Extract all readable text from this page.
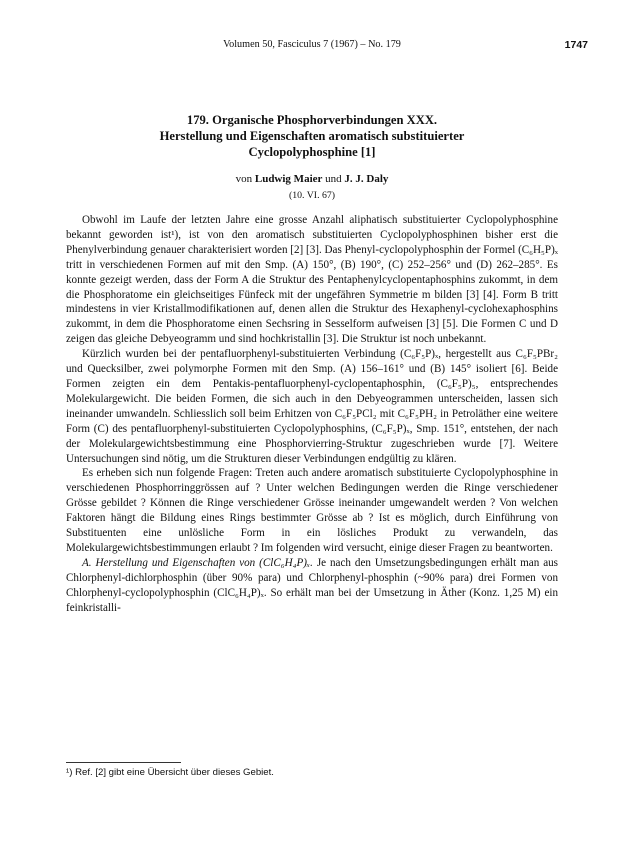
Volumen 50, Fasciculus 7 (1967) – No. 179	1747
179. Organische Phosphorverbindungen XXX.
Herstellung und Eigenschaften aromatisch substituierter
Cyclopolyphosphine [1]
von Ludwig Maier und J. J. Daly
(10. VI. 67)

Obwohl im Laufe der letzten Jahre eine grosse Anzahl aliphatisch substituierter Cyclopolyphosphine bekannt geworden ist¹), ist von den aromatisch substituierten Cyclopolyphosphinen bisher erst die Phenylverbindung genauer charakterisiert worden [2] [3]. Das Phenyl-cyclopolyphosphin der Formel (C₆H₅P)ₓ tritt in verschiedenen Formen auf mit den Smp. (A) 150°, (B) 190°, (C) 252–256° und (D) 262–285°. Es konnte gezeigt werden, dass der Form A die Struktur des Pentaphenylcyclopentaphosphins zukommt, in dem die Phosphoratome ein gleichseitiges Fünfeck mit der ungefähren Symmetrie m bilden [3] [4]. Form B tritt mindestens in vier Kristallmodifikationen auf, denen allen die Struktur des Hexaphenyl-cyclohexaphosphins zukommt, in dem die Phosphoratome einen Sechsring in Sesselform aufweisen [3] [5]. Die Formen C und D zeigen das gleiche Debyeogramm und sind hochkristallin [3]. Die Struktur ist noch unbekannt.

Kürzlich wurden bei der pentafluorphenyl-substituierten Verbindung (C₆F₅P)ₓ, hergestellt aus C₆F₅PBr₂ und Quecksilber, zwei polymorphe Formen mit den Smp. (A) 156–161° und (B) 145° isoliert [6]. Beide Formen zeigten ein dem Pentakis-pentafluorphenyl-cyclopentaphosphin, (C₆F₅P)₅, entsprechendes Molekulargewicht. Die beiden Formen, die sich auch in den Debyeogrammen unterscheiden, lassen sich ineinander umwandeln. Schliesslich soll beim Erhitzen von C₆F₅PCl₂ mit C₆F₅PH₂ in Petroläther eine weitere Form (C) des pentafluorphenyl-substituierten Cyclopolyphosphins, (C₆F₅P)ₓ, Smp. 151°, entstehen, der nach der Molekulargewichtsbestimmung eine Phosphorvierring-Struktur zugeschrieben wurde [7]. Weitere Untersuchungen sind nötig, um die Strukturen dieser Verbindungen endgültig zu klären.

Es erheben sich nun folgende Fragen: Treten auch andere aromatisch substituierte Cyclopolyphosphine in verschiedenen Phosphorringgrössen auf ? Unter welchen Bedingungen werden die Ringe verschiedener Grösse gebildet ? Können die Ringe verschiedener Grösse ineinander umgewandelt werden ? Von welchen Faktoren hängt die Bildung eines Rings bestimmter Grösse ab ? Ist es möglich, durch Einführung von Substituenten eine unlösliche Form in ein lösliches Produkt zu verwandeln, das Molekulargewichtsbestimmungen erlaubt ? Im folgenden wird versucht, einige dieser Fragen zu beantworten.

A. Herstellung und Eigenschaften von (ClC₆H₄P)ₓ. Je nach den Umsetzungsbedingungen erhält man aus Chlorphenyl-dichlorphosphin (über 90% para) und Chlorphenyl-phosphin (~90% para) drei Formen von Chlorphenyl-cyclopolyphosphin (ClC₆H₄P)ₓ. So erhält man bei der Umsetzung in Äther (Konz. 1,25 M) ein feinkristalli-

¹) Ref. [2] gibt eine Übersicht über dieses Gebiet.
